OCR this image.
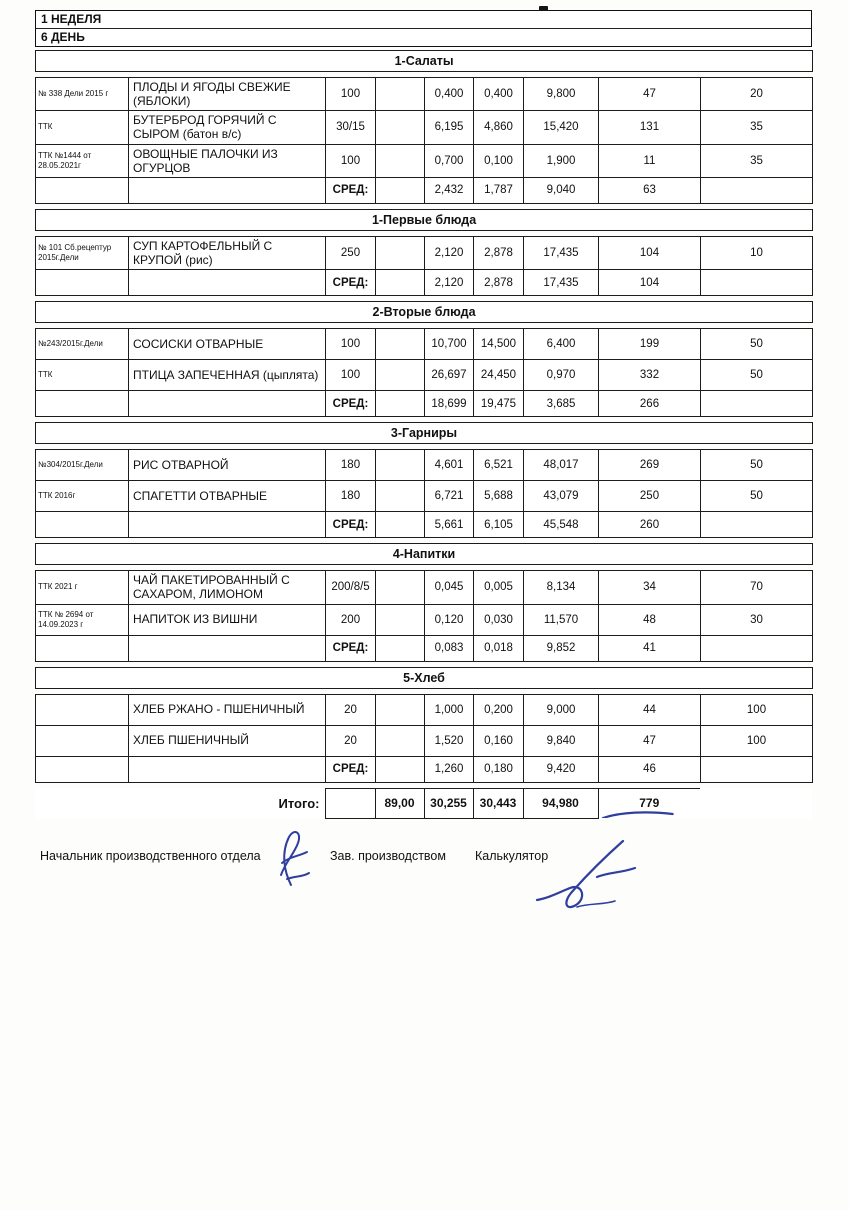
1 НЕДЕЛЯ
6 ДЕНЬ
1-Салаты
№ 338 Дели 2015 г	ПЛОДЫ И ЯГОДЫ СВЕЖИЕ (ЯБЛОКИ)	100		0,400	0,400	9,800	47	20
ТТК	БУТЕРБРОД ГОРЯЧИЙ С СЫРОМ (батон в/с)	30/15		6,195	4,860	15,420	131	35
ТТК №1444 от 28.05.2021г	ОВОЩНЫЕ ПАЛОЧКИ ИЗ ОГУРЦОВ	100		0,700	0,100	1,900	11	35
		СРЕД:		2,432	1,787	9,040	63	
1-Первые блюда
№ 101 Сб.рецептур 2015г.Дели	СУП КАРТОФЕЛЬНЫЙ С КРУПОЙ (рис)	250		2,120	2,878	17,435	104	10
		СРЕД:		2,120	2,878	17,435	104	
2-Вторые блюда
№243/2015г.Дели	СОСИСКИ ОТВАРНЫЕ	100		10,700	14,500	6,400	199	50
ТТК	ПТИЦА ЗАПЕЧЕННАЯ (цыплята)	100		26,697	24,450	0,970	332	50
		СРЕД:		18,699	19,475	3,685	266	
3-Гарниры
№304/2015г.Дели	РИС ОТВАРНОЙ	180		4,601	6,521	48,017	269	50
ТТК 2016г	СПАГЕТТИ ОТВАРНЫЕ	180		6,721	5,688	43,079	250	50
		СРЕД:		5,661	6,105	45,548	260	
4-Напитки
ТТК 2021 г	ЧАЙ ПАКЕТИРОВАННЫЙ С САХАРОМ, ЛИМОНОМ	200/8/5		0,045	0,005	8,134	34	70
ТТК № 2694 от 14.09.2023 г	НАПИТОК ИЗ ВИШНИ	200		0,120	0,030	11,570	48	30
		СРЕД:		0,083	0,018	9,852	41	
5-Хлеб
	ХЛЕБ РЖАНО - ПШЕНИЧНЫЙ	20		1,000	0,200	9,000	44	100
	ХЛЕБ ПШЕНИЧНЫЙ	20		1,520	0,160	9,840	47	100
		СРЕД:		1,260	0,180	9,420	46	
Итого:		89,00	30,255	30,443	94,980	779

Начальник производственного отдела	Зав. производством Калькулятор
